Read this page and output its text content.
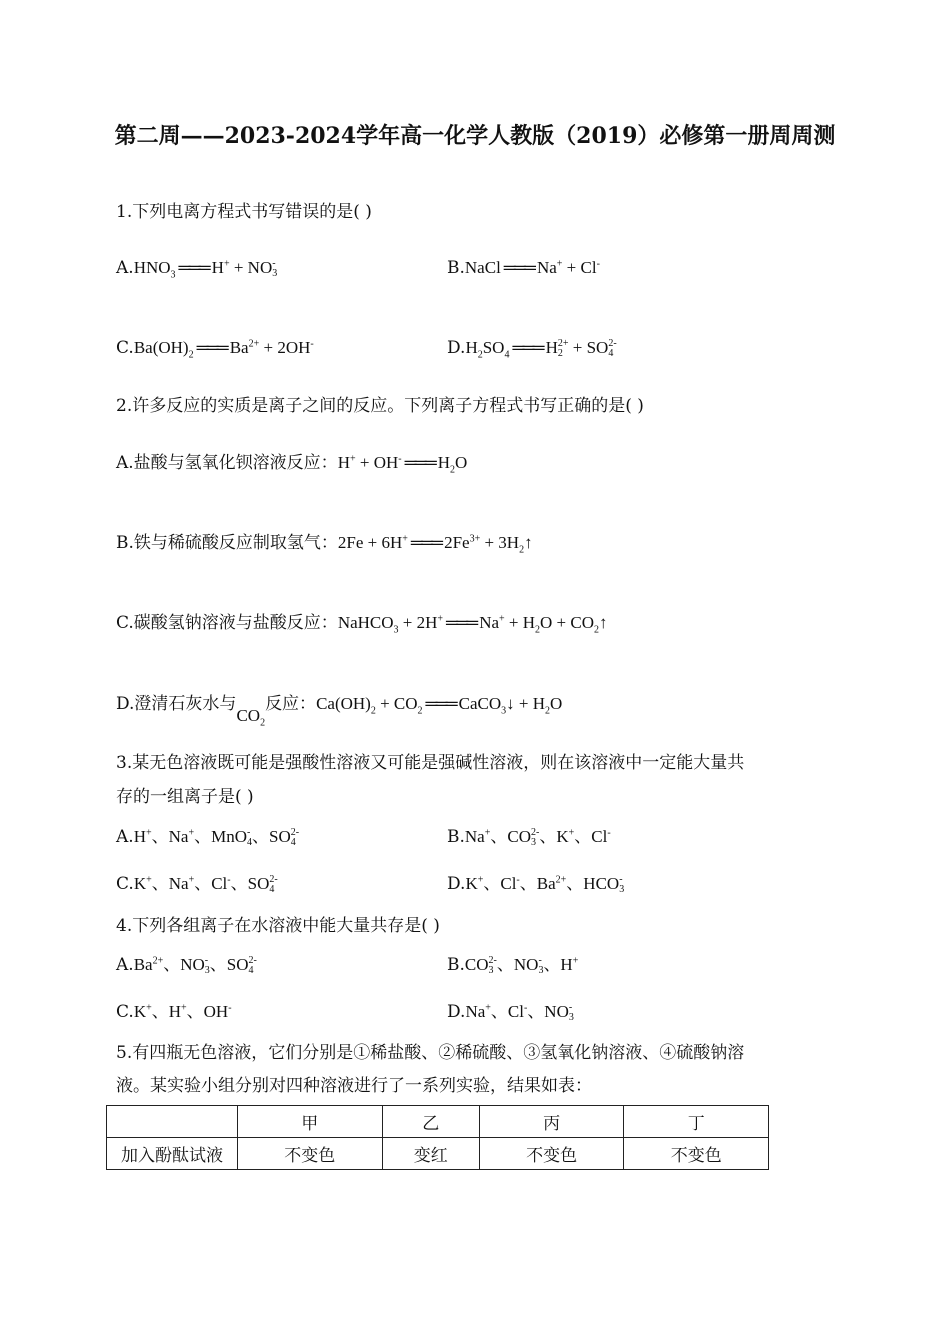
第二周——2023-2024学年高一化学人教版（2019）必修第一册周周测
1.下列电离方程式书写错误的是( )
$A.HNO_3$ ═══ H+ + NO -
3	B.NaCl ═══ Na+ + Cl-
$C.Ba(OH)_2$ ═══ $Ba^{2+} + 2OH^-$	$D.H_2SO_4$ ═══ H 2+
2 + SO 2-
4
2.许多反应的实质是离子之间的反应。下列离子方程式书写正确的是( )
A.盐酸与氢氧化钡溶液反应：H+ + OH- ═══ $H_2O$
B.铁与稀硫酸反应制取氢气：2Fe + 6H+ ═══ $2Fe^{3+}$ + $3H_2↑$
C.碳酸氢钠溶液与盐酸反应：NaHCO$_3$ + 2H+ ═══ $Na^+ + H_2O$ + $CO_2↑$
D.澄清石灰水与$CO_2$反应：$Ca(OH)_2 + CO_2$ ═══ CaCO$_3$↓ + $H_2O$
3.某无色溶液既可能是强酸性溶液又可能是强碱性溶液，则在该溶液中一定能大量共
存的一组离子是( )
A.H+、Na+、MnO -
4 、SO 2-
4	B.Na+、CO 2-
3 、K+、Cl-
C.K+、Na+、Cl-、SO 2-
4	D.K+、Cl-、$Ba^{2+}$、HCO -
3
4.下列各组离子在水溶液中能大量共存是( )
$A.Ba^{2+}$、NO -
3 、SO 2-
4	B.CO 2-
3 、NO -
3 、H+
C.K+、H+、OH-	D.Na+、Cl-、NO -
3
5.有四瓶无色溶液，它们分别是①稀盐酸、②稀硫酸、③氢氧化钠溶液、④硫酸钠溶
液。某实验小组分别对四种溶液进行了一系列实验，结果如表：
	甲	乙	丙	丁
加入酚酞试液	不变色	变红	不变色	不变色
